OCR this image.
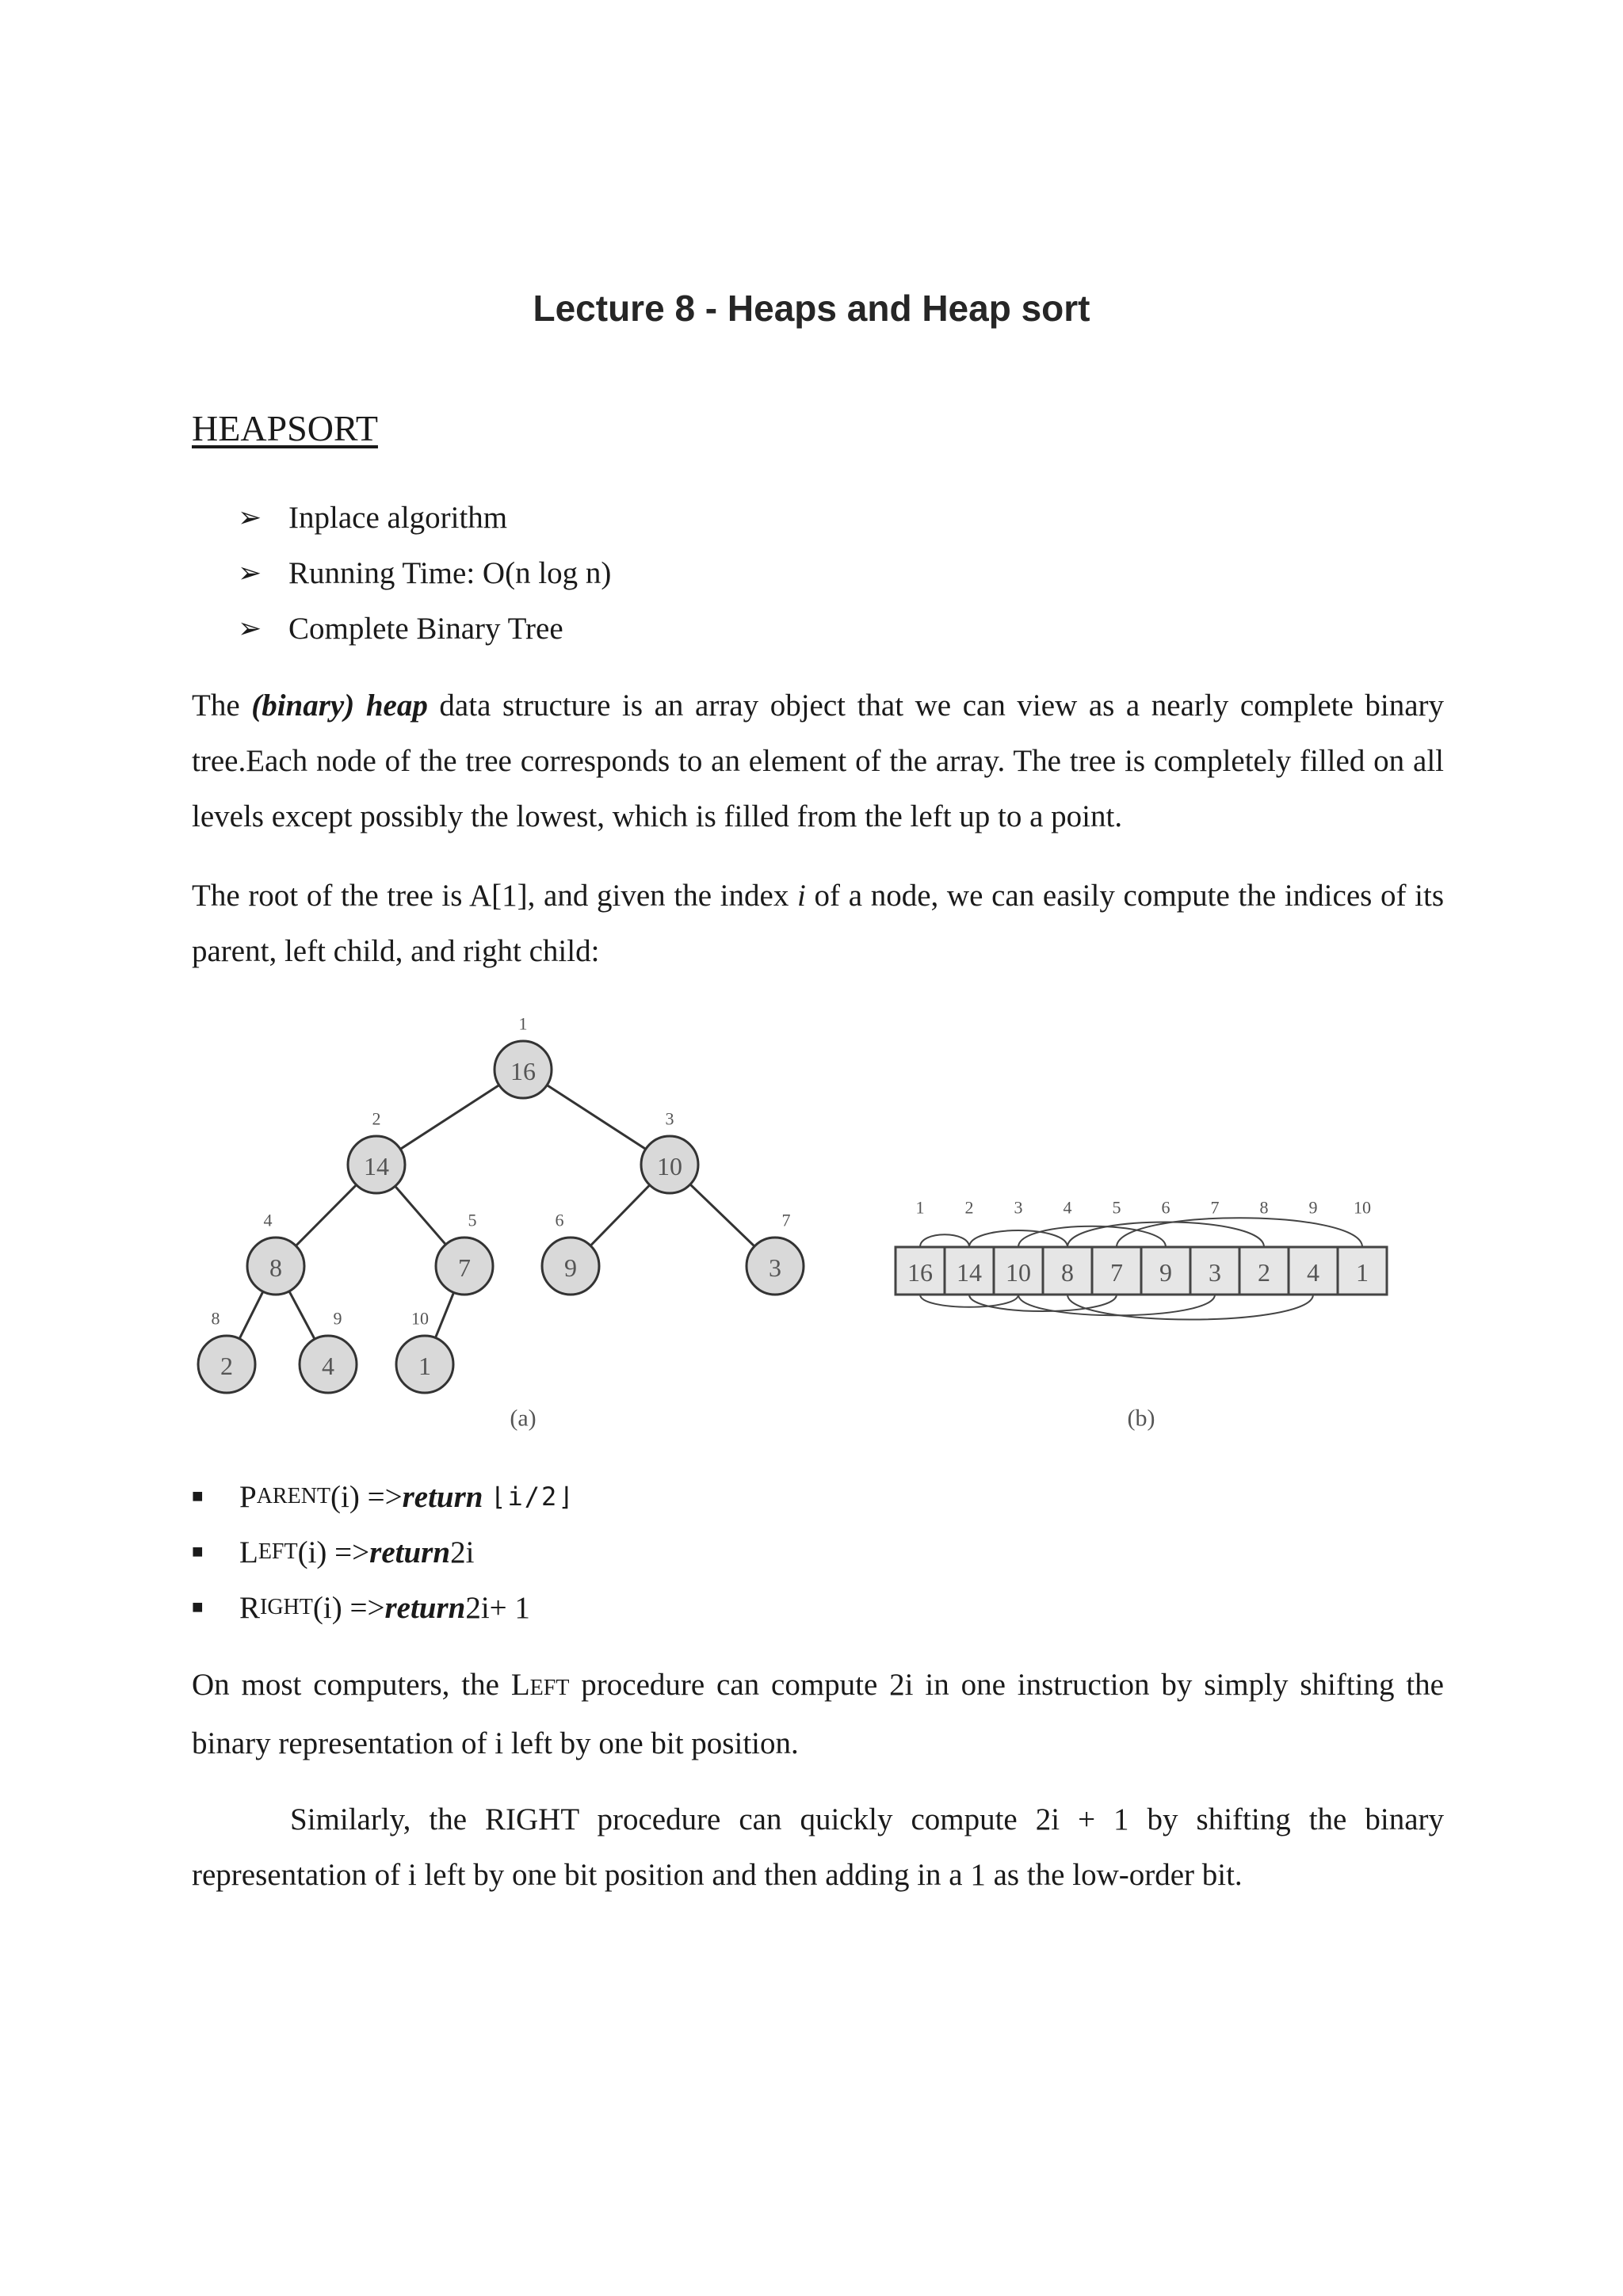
Lecture 8 - Heaps and Heap sort
HEAPSORT
➢ Inplace algorithm
➢ Running Time: O(n log n)
➢ Complete Binary Tree

The (binary) heap data structure is an array object that we can view as a nearly complete binary tree.Each node of the tree corresponds to an element of the array. The tree is completely filled on all levels except possibly the lowest, which is filled from the left up to a point.

The root of the tree is A[1], and given the index i of a node, we can easily compute the indices of its parent, left child, and right child:

16
1
14
2
10
3
8
4
7
5
9
6
3
7
2
8
4
9
1
10
(a)
16
1
14
2
10
3
8
4
7
5
9
6
3
7
2
8
4
9
1
10
(b)
■	P ARENT (i) => return
⌊i/2⌋
■	L EFT (i) => return 2i
■	R IGHT (i) => return 2i+ 1

On most computers, the LEFT procedure can compute 2i in one instruction by simply shifting the binary representation of i left by one bit position.

Similarly, the RIGHT procedure can quickly compute 2i + 1 by shifting the binary representation of i left by one bit position and then adding in a 1 as the low-order bit.
